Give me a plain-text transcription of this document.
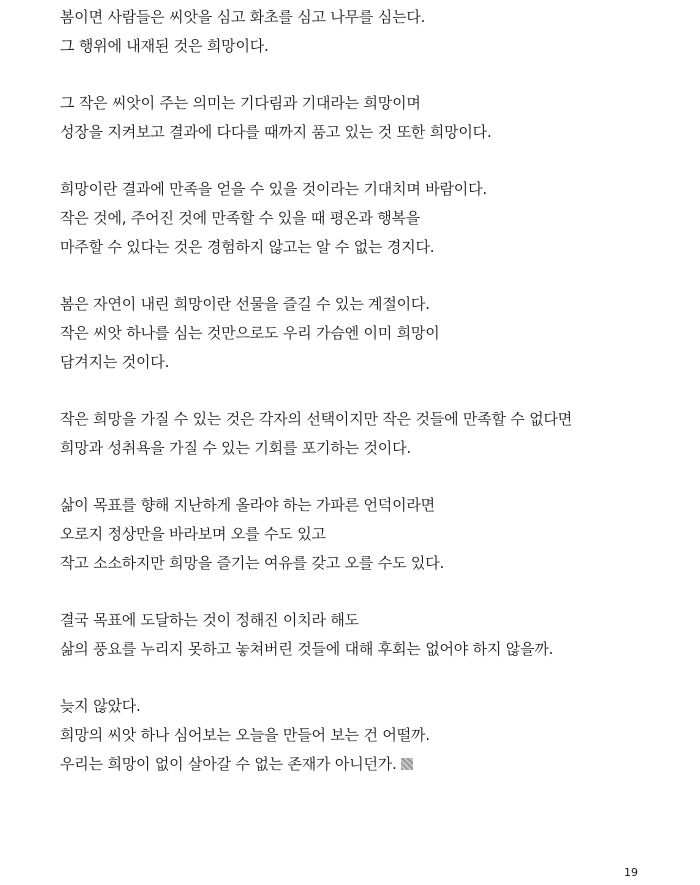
봄이면 사람들은 씨앗을 심고 화초를 심고 나무를 심는다.
그 행위에 내재된 것은 희망이다.
그 작은 씨앗이 주는 의미는 기다림과 기대라는 희망이며
성장을 지켜보고 결과에 다다를 때까지 품고 있는 것 또한 희망이다.
희망이란 결과에 만족을 얻을 수 있을 것이라는 기대치며 바람이다.
작은 것에, 주어진 것에 만족할 수 있을 때 평온과 행복을
마주할 수 있다는 것은 경험하지 않고는 알 수 없는 경지다.
봄은 자연이 내린 희망이란 선물을 즐길 수 있는 계절이다.
작은 씨앗 하나를 심는 것만으로도 우리 가슴엔 이미 희망이
담겨지는 것이다.
작은 희망을 가질 수 있는 것은 각자의 선택이지만 작은 것들에 만족할 수 없다면
희망과 성취욕을 가질 수 있는 기회를 포기하는 것이다.
삶이 목표를 향해 지난하게 올라야 하는 가파른 언덕이라면
오로지 정상만을 바라보며 오를 수도 있고
작고 소소하지만 희망을 즐기는 여유를 갖고 오를 수도 있다.
결국 목표에 도달하는 것이 정해진 이치라 해도
삶의 풍요를 누리지 못하고 놓쳐버린 것들에 대해 후회는 없어야 하지 않을까.
늦지 않았다.
희망의 씨앗 하나 심어보는 오늘을 만들어 보는 건 어떨까.
우리는 희망이 없이 살아갈 수 없는 존재가 아니던가.
19
